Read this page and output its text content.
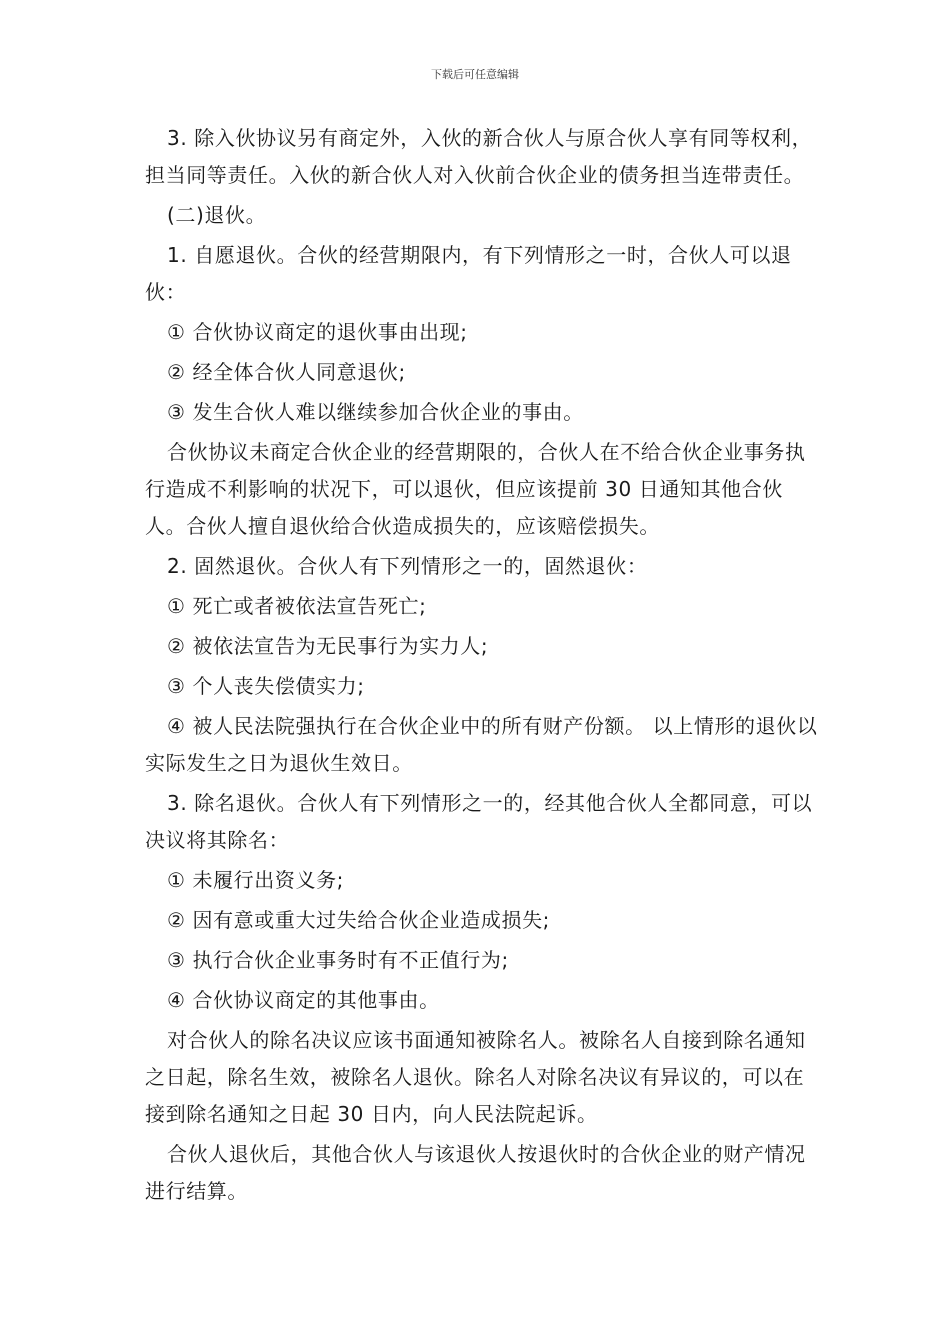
下载后可任意编辑

3. 除入伙协议另有商定外，入伙的新合伙人与原合伙人享有同等权利，担当同等责任。入伙的新合伙人对入伙前合伙企业的债务担当连带责任。

(二)退伙。

1. 自愿退伙。合伙的经营期限内，有下列情形之一时，合伙人可以退伙：

① 合伙协议商定的退伙事由出现;

② 经全体合伙人同意退伙;

③ 发生合伙人难以继续参加合伙企业的事由。

合伙协议未商定合伙企业的经营期限的，合伙人在不给合伙企业事务执行造成不利影响的状况下，可以退伙，但应该提前 30 日通知其他合伙人。合伙人擅自退伙给合伙造成损失的，应该赔偿损失。

2. 固然退伙。合伙人有下列情形之一的，固然退伙：

① 死亡或者被依法宣告死亡;

② 被依法宣告为无民事行为实力人;

③ 个人丧失偿债实力;

④ 被人民法院强执行在合伙企业中的所有财产份额。 以上情形的退伙以实际发生之日为退伙生效日。

3. 除名退伙。合伙人有下列情形之一的，经其他合伙人全都同意，可以决议将其除名：

① 未履行出资义务;

② 因有意或重大过失给合伙企业造成损失;

③ 执行合伙企业事务时有不正值行为;

④ 合伙协议商定的其他事由。

对合伙人的除名决议应该书面通知被除名人。被除名人自接到除名通知之日起，除名生效，被除名人退伙。除名人对除名决议有异议的，可以在接到除名通知之日起 30 日内，向人民法院起诉。

合伙人退伙后，其他合伙人与该退伙人按退伙时的合伙企业的财产情况进行结算。
